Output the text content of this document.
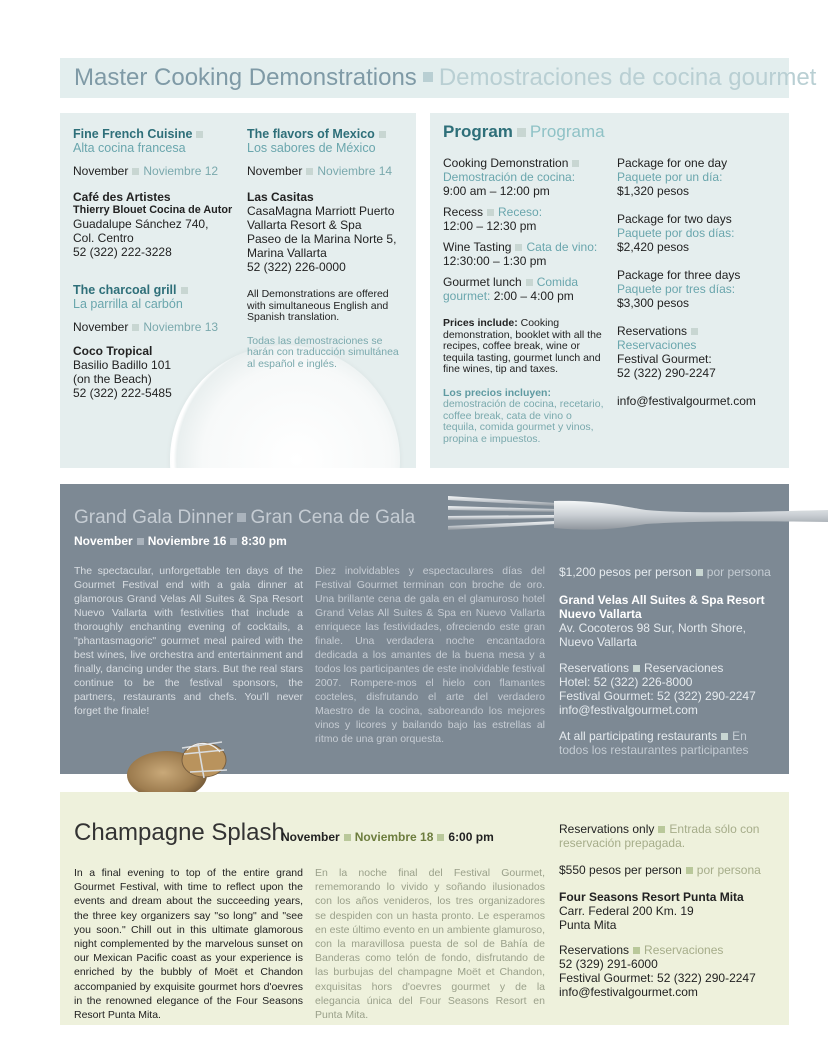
Master Cooking Demonstrations Demostraciones de cocina gourmet
Fine French Cuisine
Alta cocina francesa
November Noviembre 12
Café des Artistes
Thierry Blouet Cocina de Autor
Guadalupe Sánchez 740,
Col. Centro
52 (322) 222-3228
The charcoal grill
La parrilla al carbón
November Noviembre 13
Coco Tropical
Basilio Badillo 101
(on the Beach)
52 (322) 222-5485
The flavors of Mexico
Los sabores de México
November Noviembre 14
Las Casitas
CasaMagna Marriott Puerto
Vallarta Resort & Spa
Paseo de la Marina Norte 5,
Marina Vallarta
52 (322) 226-0000
All Demonstrations are offered with simultaneous English and Spanish translation.
Todas las demostraciones se harán con traducción simultánea al español e inglés.
Program Programa
Cooking Demonstration
Demostración de cocina:
9:00 am – 12:00 pm
Recess Receso:
12:00 – 12:30 pm
Wine Tasting Cata de vino:
12:30:00 – 1:30 pm
Gourmet lunch Comida
gourmet: 2:00 – 4:00 pm
Prices include: Cooking demonstration, booklet with all the recipes, coffee break, wine or tequila tasting, gourmet lunch and fine wines, tip and taxes.
Los precios incluyen: demostración de cocina, recetario, coffee break, cata de vino o tequila, comida gourmet y vinos, propina e impuestos.
Package for one day
Paquete por un día:
$1,320 pesos
Package for two days
Paquete por dos días:
$2,420 pesos
Package for three days
Paquete por tres días:
$3,300 pesos
Reservations
Reservaciones
Festival Gourmet:
52 (322) 290-2247
info@festivalgourmet.com
Grand Gala Dinner Gran Cena de Gala
November Noviembre 16 8:30 pm
The spectacular, unforgettable ten days of the Gourmet Festival end with a gala dinner at glamorous Grand Velas All Suites & Spa Resort Nuevo Vallarta with festivities that include a thoroughly enchanting evening of cocktails, a "phantasmagoric" gourmet meal paired with the best wines, live orchestra and entertainment and finally, dancing under the stars. But the real stars continue to be the festival sponsors, the partners, restaurants and chefs. You'll never forget the finale!
Diez inolvidables y espectaculares días del Festival Gourmet terminan con broche de oro. Una brillante cena de gala en el glamuroso hotel Grand Velas All Suites & Spa en Nuevo Vallarta enriquece las festividades, ofreciendo este gran finale. Una verdadera noche encantadora dedicada a los amantes de la buena mesa y a todos los participantes de este inolvidable festival 2007. Rompere-mos el hielo con flamantes cocteles, disfrutando el arte del verdadero Maestro de la cocina, saboreando los mejores vinos y licores y bailando bajo las estrellas al ritmo de una gran orquesta.
$1,200 pesos per person por persona
Grand Velas All Suites & Spa Resort Nuevo Vallarta
Av. Cocoteros 98 Sur, North Shore,
Nuevo Vallarta
Reservations Reservaciones
Hotel: 52 (322) 226-8000
Festival Gourmet: 52 (322) 290-2247
info@festivalgourmet.com
At all participating restaurants En
todos los restaurantes participantes
Champagne Splash
November Noviembre 18 6:00 pm
In a final evening to top of the entire grand Gourmet Festival, with time to reflect upon the events and dream about the succeeding years, the three key organizers say "so long" and "see you soon." Chill out in this ultimate glamorous night complemented by the marvelous sunset on our Mexican Pacific coast as your experience is enriched by the bubbly of Moët et Chandon accompanied by exquisite gourmet hors d'oevres in the renowned elegance of the Four Seasons Resort Punta Mita.
En la noche final del Festival Gourmet, rememorando lo vivido y soñando ilusionados con los años venideros, los tres organizadores se despiden con un hasta pronto. Le esperamos en este último evento en un ambiente glamuroso, con la maravillosa puesta de sol de Bahía de Banderas como telón de fondo, disfrutando de las burbujas del champagne Moët et Chandon, exquisitas hors d'oevres gourmet y de la elegancia única del Four Seasons Resort en Punta Mita.
Reservations only Entrada sólo con
reservación prepagada.
$550 pesos per person por persona
Four Seasons Resort Punta Mita
Carr. Federal 200 Km. 19
Punta Mita
Reservations Reservaciones
52 (329) 291-6000
Festival Gourmet: 52 (322) 290-2247
info@festivalgourmet.com
